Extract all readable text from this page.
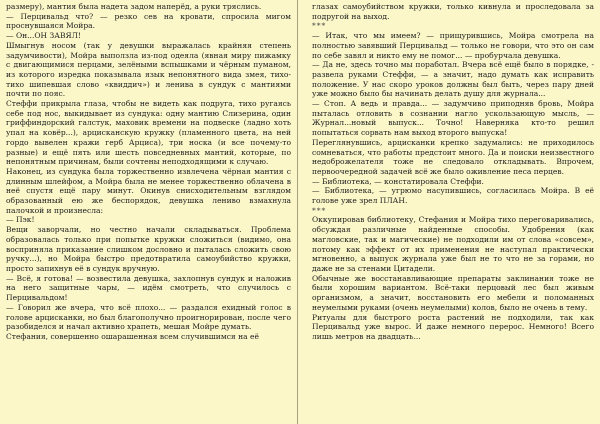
размеру), мантия была надета задом наперёд, а руки тряслись.

— Перцивальд что? — резко сев на кровати, спросила мигом проснувшаяся Мойра.

— Он...ОН ЗАВЯЛ!

Шмыгнув носом (так у девушки выражалась крайняя степень задумчивости), Мойра выползла из-под одеяла (явная миру пижамку с двигающимися перцами, зелёными вспышками и чёрным пуманом, из которого изредка показывала язык непонятного вида змея, тихо-тихо шипевшая слово «квиддич») и ленива в сундук с мантиями почти по пояс.

Стеффи прикрыла глаза, чтобы не видеть как подруга, тихо ругаясь себе под нос, выкидывает из сундука: одну мантию Слизерина, один гриффиндорский галстук, маховик времени на подвеске (ладно хоть упал на ковёр...), арцисканскую кружку (пламенного цвета, на ней гордо вывелен кражи герб Арциса), три носка (и все почему-то разные) и ещё пять или шесть повседневных мантий, которые, по непонятным причинам, были сочтены неподходящими к случаю.

Наконец, из сундука была торжественно извлечена чёрная мантия с длинным шлейфом, а Мойра была не менее торжественно облачена в неё спустя ещё пару минут. Окинув снисходительным взглядом образованный ею же беспорядок, девушка лениво взмахнула палочкой и произнесла:

— Пэк!

Вещи заворчали, но честно начали складываться. Проблема образовалась только при попытке кружки сложиться (видимо, она восприняла приказание слишком дословно и пыталась сложить свою ручку...), но Мойра быстро предотвратила самоубийство кружки, просто запихнув её в сундук вручную.

— Всё, я готова! — возвестила девушка, захлопнув сундук и наложив на него защитные чары, — идём смотреть, что случилось с Перцивальдом!

— Говорил же вчера, что всё плохо... — раздался ехидный голос в голове арцисканки, но был благополучно проигнорирован, после чего разобиделся и начал активно храпеть, мешая Мойре думать.

Стефания, совершенно ошарашенная всем случившимся на её

глазах самоубийством кружки, только кивнула и проследовала за подругой на выход.

***

— Итак, что мы имеем? — прищурившись, Мойра смотрела на полностью завявший Перцивальд — только не говори, что это он сам по себе завял и никто ему не помог... — пробурчала девушка.

— Да не, здесь точно мы поработал. Вчера всё ещё было в порядке, - развела руками Стеффи, — а значит, надо думать как исправить положение. У нас скоро уроков должны был быть, через пару дней уже можно было бы начинать делать душу для журнала...

— Стоп. А ведь и правда... — задумчиво приподняв бровь, Мойра пыталась отловить в сознании нагло ускользающую мысль, — Журнал...новый выпуск... Точно! Наверняка кто-то решил попытаться сорвать нам выход второго выпуска!

Переглянувшись, арцисканки крепко задумались: не приходилось сомневаться, что работы предстоит много. Да и поиски неизвестного недоброжелателя тоже не следовало откладывать. Впрочем, первоочередной задачей всё же было оживление песа перцев.

— Библиотека, — констатировала Стеффи.

— Библиотека, — угрюмо насупившись, согласилась Мойра. В её голове уже зрел ПЛАН.

***

Оккупировав библиотеку, Стефания и Мойра тихо переговаривались, обсуждая различные найденные способы. Удобрения (как магловские, так и магические) не подходили им от слова «совсем», потому как эффект от их применения не наступал практически мгновенно, а выпуск журнала уже был не то что не за горами, но даже не за стенами Цитадели.

Обычные же восстанавливающие препараты заклинания тоже не были хорошим вариантом. Всё-таки перцовый лес был живым организмом, а значит, восстановить его мебели и поломанных неумелыми руками (очень неумелыми) колов, было не очень в тему.

Ритуалы для быстрого роста растений не подходили, так как Перцивальд уже вырос. И даже немного перерос. Немного! Всего лишь метров на двадцать...
